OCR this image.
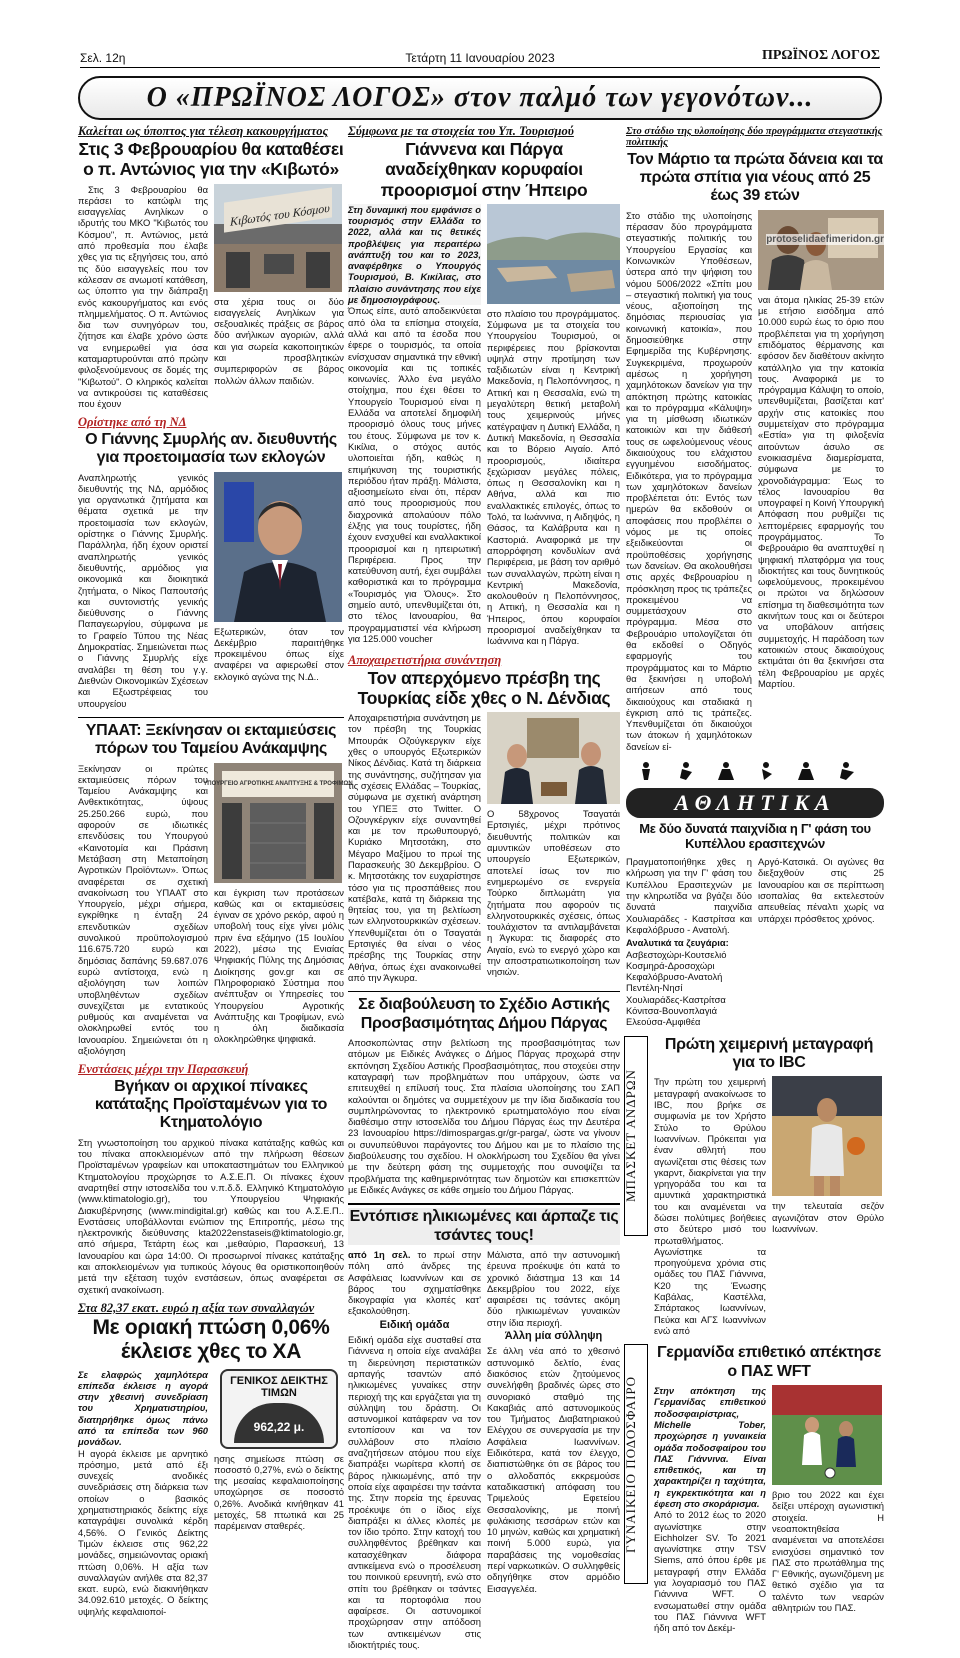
Σελ. 12η	Τετάρτη 11 Ιανουαρίου 2023	ΠΡΩΪΝΟΣ ΛΟΓΟΣ
Ο «ΠΡΩΪΝΟΣ ΛΟΓΟΣ» στον παλμό των γεγονότων...
Καλείται ως ύποπτος για τέλεση κακουργήματος
Στις 3 Φεβρουαρίου θα καταθέσει ο π. Αντώνιος για την «Κιβωτό»
Στις 3 Φεβρουαρίου θα περάσει το κατώφλι της εισαγγελίας Ανηλίκων ο ιδρυτής του ΜΚΟ "Κιβωτός του Κόσμου", π. Αντώνιος, μετά από προθεσμία που έλαβε χθες για τις εξηγήσεις του, από τις δύο εισαγγελείς που τον κάλεσαν σε ανωμοτί κατάθεση, ως ύποπτο για την διάπραξη ενός κακουργήματος και ενός πλημμελήματος. Ο π. Αντώνιος δια των συνηγόρων του, ζήτησε και έλαβε χρόνο ώστε να ενημερωθεί για όσα καταμαρτυρούνται από πρώην φιλοξενούμενους σε δομές της "Κιβωτού". Ο κληρικός καλείται να αντικρούσει τις καταθέσεις που έχουν
Κιβωτός του Κόσμου
στα χέρια τους οι δύο εισαγγελείς Ανηλίκων για σεξουαλικές πράξεις σε βάρος δύο ανήλικων αγοριών, αλλά και για σωρεία κακοποιητικών και προσβλητικών συμπεριφορών σε βάρος πολλών άλλων παιδιών.
Ορίστηκε από τη ΝΔ
Ο Γιάννης Σμυρλής αν. διευθυντής για προετοιμασία των εκλογών
Αναπληρωτής γενικός διευθυντής της ΝΔ, αρμόδιος για οργανωτικά ζητήματα και θέματα σχετικά με την προετοιμασία των εκλογών, ορίστηκε ο Γιάννης Σμυρλής. Παράλληλα, ήδη έχουν οριστεί αναπληρωτής γενικός διευθυντής, αρμόδιος για οικονομικά και διοικητικά ζητήματα, ο Νίκος Παπουτσής και συντονιστής γενικής διεύθυνσης ο Γιάννης Παπαγεωργίου, σύμφωνα με το Γραφείο Τύπου της Νέας Δημοκρατίας. Σημειώνεται πως ο Γιάννης Σμυρλής είχε αναλάβει τη θέση του γ.γ. Διεθνών Οικονομικών Σχέσεων και Εξωστρέφειας του υπουργείου
Εξωτερικών, όταν τον Δεκέμβριο παραιτήθηκε προκειμένου όπως είχε αναφέρει να αφιερωθεί στον εκλογικό αγώνα της Ν.Δ..
ΥΠΑΑΤ: Ξεκίνησαν οι εκταμιεύσεις πόρων του Ταμείου Ανάκαμψης
Ξεκίνησαν οι πρώτες εκταμιεύσεις πόρων του Ταμείου Ανάκαμψης και Ανθεκτικότητας, ύψους 25.250.266 ευρώ, που αφορούν σε ιδιωτικές επενδύσεις του Υπουργού «Καινοτομία και Πράσινη Μετάβαση στη Μεταποίηση Αγροτικών Προϊόντων». Όπως αναφέρεται σε σχετική ανακοίνωση του ΥΠΑΑΤ στο Υπουργείο, μέχρι σήμερα, εγκρίθηκε η ένταξη 24 επενδυτικών σχεδίων συνολικού προϋπολογισμού 116.675.720 ευρώ και δημόσιας δαπάνης 59.687.076 ευρώ αντίστοιχα, ενώ η αξιολόγηση των λοιπών υποβληθέντων σχεδίων συνεχίζεται με εντατικούς ρυθμούς και αναμένεται να ολοκληρωθεί εντός του Ιανουαρίου. Σημειώνεται ότι η αξιολόγηση
ΥΠΟΥΡΓΕΙΟ ΑΓΡΟΤΙΚΗΣ ΑΝΑΠΤΥΞΗΣ & ΤΡΟΦΙΜΩΝ
και έγκριση των προτάσεων καθώς και οι εκταμιεύσεις έγιναν σε χρόνο ρεκόρ, αφού η υποβολή τους είχε γίνει μόλις πριν ένα εξάμηνο (15 Ιουλίου 2022), μέσω της Ενιαίας Ψηφιακής Πύλης της Δημόσιας Διοίκησης gov.gr και σε Πληροφοριακό Σύστημα που ανέπτυξαν οι Υπηρεσίες του Υπουργείου Αγροτικής Ανάπτυξης και Τροφίμων, ενώ η όλη διαδικασία ολοκληρώθηκε ψηφιακά.
Ενστάσεις μέχρι την Παρασκευή
Βγήκαν οι αρχικοί πίνακες κατάταξης Προϊσταμένων για το Κτηματολόγιο
Στη γνωστοποίηση του αρχικού πίνακα κατάταξης καθώς και του πίνακα αποκλειομένων από την πλήρωση θέσεων Προϊσταμένων γραφείων και υποκαταστημάτων του Ελληνικού Κτηματολογίου προχώρησε το Α.Σ.Ε.Π. Οι πίνακες έχουν αναρτηθεί στην ιστοσελίδα του ν.π.δ.δ. Ελληνικό Κτηματολόγιο (www.ktimatologio.gr), του Υπουργείου Ψηφιακής Διακυβέρνησης (www.mindigital.gr) καθώς και του Α.Σ.Ε.Π.. Ενστάσεις υποβάλλονται ενώπιον της Επιτροπής, μέσω της ηλεκτρονικής διεύθυνσης kta2022enstaseis@ktimatologio.gr, από σήμερα, Τετάρτη έως και ,μεθαύριο, Παρασκευή, 13 Ιανουαρίου και ώρα 14:00. Οι προσωρινοί πίνακες κατάταξης και αποκλειομένων για τυπικούς λόγους θα οριστικοποιηθούν μετά την εξέταση τυχόν ενστάσεων, όπως αναφέρεται σε σχετική ανακοίνωση.
Στα 82,37 εκατ. ευρώ η αξία των συναλλαγών
Με οριακή πτώση 0,06% έκλεισε χθες το ΧΑ
Σε ελαφρώς χαμηλότερα επίπεδα έκλεισε η αγορά στην χθεσινή συνεδρίαση του Χρηματιστηρίου, διατηρήθηκε όμως πάνω από τα επίπεδα των 960 μονάδων.
Η αγορά έκλεισε με αρνητικό πρόσημο, μετά από έξι συνεχείς ανοδικές συνεδριάσεις στη διάρκεια των οποίων ο βασικός χρηματιστηριακός δείκτης είχε καταγράψει συνολικά κέρδη 4,56%. Ο Γενικός Δείκτης Τιμών έκλεισε στις 962,22 μονάδες, σημειώνοντας οριακή πτώση 0,06%. Η αξία των συναλλαγών ανήλθε στα 82,37 εκατ. ευρώ, ενώ διακινήθηκαν 34.092.610 μετοχές. Ο δείκτης υψηλής κεφαλαιοποί-
ΓΕΝΙΚΟΣ ΔΕΙΚΤΗΣ ΤΙΜΩΝ
962,22 μ.
ησης σημείωσε πτώση σε ποσοστό 0,27%, ενώ ο δείκτης της μεσαίας κεφαλαιοποίησης υποχώρησε σε ποσοστό 0,26%. Ανοδικά κινήθηκαν 41 μετοχές, 58 πτωτικά και 25 παρέμειναν σταθερές.
Σύμφωνα με τα στοιχεία του Υπ. Τουρισμού
Γιάννενα και Πάργα αναδείχθηκαν κορυφαίοι προορισμοί στην Ήπειρο
Στη δυναμική που εμφάνισε ο τουρισμός στην Ελλάδα το 2022, αλλά και τις θετικές προβλέψεις για περαιτέρω ανάπτυξή του και το 2023, αναφέρθηκε ο Υπουργός Τουρισμού, Β. Κικίλιας, στο πλαίσιο συνάντησης που είχε με δημοσιογράφους.
Όπως είπε, αυτό αποδεικνύεται από όλα τα επίσημα στοιχεία, αλλά και από τα έσοδα που έφερε ο τουρισμός, τα οποία ενίσχυσαν σημαντικά την εθνική οικονομία και τις τοπικές κοινωνίες. Άλλο ένα μεγάλο στοίχημα, που έχει θέσει το Υπουργείο Τουρισμού είναι η Ελλάδα να αποτελεί δημοφιλή προορισμό όλους τους μήνες του έτους. Σύμφωνα με τον κ. Κικίλια, ο στόχος αυτός υλοποιείται ήδη, καθώς η επιμήκυνση της τουριστικής περιόδου ήταν πράξη. Μάλιστα, αξιοσημείωτο είναι ότι, πέραν από τους προορισμούς που διαχρονικά απολαύουν πόλο έλξης για τους τουρίστες, ήδη έχουν ενσχυθεί και εναλλακτικοί προορισμοί και η ηπειρωτική Περιφέρεια. Προς την κατεύθυνση αυτή, έχει συμβάλει καθοριστικά και το πρόγραμμα «Τουρισμός για Όλους». Στο σημείο αυτό, υπενθυμίζεται ότι, στο τέλος Ιανουαρίου, θα προγραμματιστεί νέα κλήρωση για 125.000 voucher
στο πλαίσιο του προγράμματος. Σύμφωνα με τα στοιχεία του Υπουργείου Τουρισμού, οι περιφέρειες που βρίσκονται υψηλά στην προτίμηση των ταξιδιωτών είναι η Κεντρική Μακεδονία, η Πελοπόννησος, η Αττική και η Θεσσαλία, ενώ τη μεγαλύτερη θετική μεταβολή τους χειμερινούς μήνες κατέγραψαν η Δυτική Ελλάδα, η Δυτική Μακεδονία, η Θεσσαλία και το Βόρειο Αιγαίο. Από προορισμούς, ιδιαίτερα ξεχώρισαν μεγάλες πόλεις, όπως η Θεσσαλονίκη και η Αθήνα, αλλά και πιο εναλλακτικές επιλογές, όπως το Τολό, τα Ιωάννινα, η Αιδηψός, η Θάσος, τα Καλάβρυτα και η Καστοριά. Αναφορικά με την απορρόφηση κονδυλίων ανά Περιφέρεια, με βάση τον αριθμό των συναλλαγών, πρώτη είναι η Κεντρική Μακεδονία, ακολουθούν η Πελοπόννησος, η Αττική, η Θεσσαλία και η Ήπειρος, όπου κορυφαίοι προορισμοί αναδείχθηκαν τα Ιωάννινα και η Πάργα.
Αποχαιρετιστήρια συνάντηση
Τον απερχόμενο πρέσβη της Τουρκίας είδε χθες ο Ν. Δένδιας
Αποχαιρετιστήρια συνάντηση με τον πρέσβη της Τουρκίας Μπουράκ Οζούγκεργκιν είχε χθες ο υπουργός Εξωτερικών Νίκος Δένδιας. Κατά τη διάρκεια της συνάντησης, συζήτησαν για τις σχέσεις Ελλάδας – Τουρκίας, σύμφωνα με σχετική ανάρτηση του ΥΠΕΞ στο Twitter. Ο Οζουγκέργκιν είχε συναντηθεί και με τον πρωθυπουργό, Κυριάκο Μητσοτάκη, στο Μέγαρο Μαξίμου το πρωί της Παρασκευής 30 Δεκεμβρίου. Ο κ. Μητσοτάκης τον ευχαρίστησε τόσο για τις προσπάθειες που κατέβαλε, κατά τη διάρκεια της θητείας του, για τη βελτίωση των ελληνοτουρκικών σχέσεων. Υπενθυμίζεται ότι ο Τσαγατάι Ερτσιγιές θα είναι ο νέος πρέσβης της Τουρκίας στην Αθήνα, όπως έχει ανακοινωθεί από την Άγκυρα.
Ο 58χρονος Τσαγατάι Ερτσιγιές, μέχρι πρότινος διευθυντής πολιτικών και αμυντικών υποθέσεων στο υπουργείο Εξωτερικών, αποτελεί ίσως τον πιο ενημερωμένο σε ενεργεία Τούρκο διπλωμάτη για ζητήματα που αφορούν τις ελληνοτουρκικές σχέσεις, όπως τουλάχιστον τα αντιλαμβάνεται η Άγκυρα: τις διαφορές στο Αιγαίο, ενώ το ενεργό χώρο και την αποστρατιωτικοποίηση των νησιών.
Σε διαβούλευση το Σχέδιο Αστικής Προσβασιμότητας Δήμου Πάργας
Αποσκοπώντας στην βελτίωση της προσβασιμότητας των ατόμων με Ειδικές Ανάγκες ο Δήμος Πάργας προχωρά στην εκπόνηση Σχεδίου Αστικής Προσβασιμότητας, που στοχεύει στην καταγραφή των προβλημάτων που υπάρχουν, ώστε να επιτευχθεί η επίλυσή τους. Στα πλαίσια υλοποίησης του ΣΑΠ καλούνται οι δημότες να συμμετέχουν με την ίδια διαδικασία του συμπληρώνοντας το ηλεκτρονικό ερωτηματολόγιο που είναι διαθέσιμο στην ιστοσελίδα του Δήμου Πάργας έως την Δευτέρα 23 Ιανουαρίου https://dimospargas.gr/gr-parga/, ώστε να γίνουν οι συνυπεύθυνοι παράγοντες του Δήμου και με το πλαίσιο της διαβούλευσης του σχεδίου. Η ολοκλήρωση του Σχεδίου θα γίνει με την δεύτερη φάση της συμμετοχής που συνοψίζει τα προβλήματα της καθημερινότητας των δημοτών και επισκεπτών με Ειδικές Ανάγκες σε κάθε σημείο του Δήμου Πάργας.
Εντόπισε ηλικιωμένες και άρπαζε τις τσάντες τους!
από 1η σελ. το πρωί στην πόλη από άνδρες της Ασφάλειας Ιωαννίνων και σε βάρος του σχηματίσθηκε δικογραφία για κλοπές κατ' εξακολούθηση.
Ειδική ομάδα
Ειδική ομάδα είχε συσταθεί στα Γιάννενα η οποία είχε αναλάβει τη διερεύνηση περιστατικών αρπαγής τσαντών από ηλικιωμένες γυναίκες στην περιοχή της και εργάζεται για τη σύλληψη του δράστη. Οι αστυνομικοί κατάφεραν να τον εντοπίσουν και να τον συλλάβουν στο πλαίσιο αναζητήσεων ατόμου που είχε διαπράξει νωρίτερα κλοπή σε βάρος ηλικιωμένης, από την οποία είχε αφαιρέσει την τσάντα της. Στην πορεία της έρευνας προέκυψε ότι ο ίδιος είχε διαπράξει κι άλλες κλοπές με τον ίδιο τρόπο. Στην κατοχή του συλληφθέντος βρέθηκαν και κατασχέθηκαν διάφορα αντικείμενα ενώ ο προσέλευση του ποινικού ερευνητή, ενώ στο σπίτι του βρέθηκαν οι τσάντες και τα πορτοφόλια που αφαίρεσε. Οι αστυνομικοί προχώρησαν στην απόδοση των αντικειμένων στις ιδιοκτήτριές τους.
Μάλιστα, από την αστυνομική έρευνα προέκυψε ότι κατά το χρονικό διάστημα 13 και 14 Δεκεμβρίου του 2022, είχε αφαιρέσει τις τσάντες ακόμη δύο ηλικιωμένων γυναικών στην ίδια περιοχή.
Άλλη μία σύλληψη
Σε άλλη νέα από το χθεσινό αστυνομικό δελτίο, ένας διακόσιος ετών ζητούμενος συνελήφθη βραδινές ώρες στο συνοριακό σταθμό της Κακαβιάς από αστυνομικούς του Τμήματος Διαβατηριακού Ελέγχου σε συνεργασία με την Ασφάλεια Ιωαννίνων. Ειδικότερα, κατά τον έλεγχο, διαπιστώθηκε ότι σε βάρος του ο αλλοδαπός εκκρεμούσε καταδικαστική απόφαση του Τριμελούς Εφετείου Θεσσαλονίκης, με ποινή φυλάκισης τεσσάρων ετών και 10 μηνών, καθώς και χρηματική ποινή 5.000 ευρώ, για παραβάσεις της νομοθεσίας περί ναρκωτικών. Ο συλληφθείς οδηγήθηκε στον αρμόδιο Εισαγγελέα.
Στο στάδιο της υλοποίησης δύο προγράμματα στεγαστικής πολιτικής
Τον Μάρτιο τα πρώτα δάνεια και τα πρώτα σπίτια για νέους από 25 έως 39 ετών
Στο στάδιο της υλοποίησης πέρασαν δύο προγράμματα στεγαστικής πολιτικής του Υπουργείου Εργασίας και Κοινωνικών Υποθέσεων, ύστερα από την ψήφιση του νόμου 5006/2022 «Σπίτι μου – στεγαστική πολιτική για τους νέους, αξιοποίηση της δημόσιας περιουσίας για κοινωνική κατοικία», που δημοσιεύθηκε στην Εφημερίδα της Κυβέρνησης. Συγκεκριμένα, προχωρούν αμέσως η χορήγηση χαμηλότοκων δανείων για την απόκτηση πρώτης κατοικίας και το πρόγραμμα «Κάλυψη» για τη μίσθωση ιδιωτικών κατοικιών και την διάθεσή τους σε ωφελούμενους νέους δικαιούχους του ελάχιστου εγγυημένου εισοδήματος. Ειδικότερα, για το πρόγραμμα των χαμηλότοκων δανείων προβλέπεται ότι: Εντός των ημερών θα εκδοθούν οι αποφάσεις που προβλέπει ο νόμος με τις οποίες εξειδικεύονται οι προϋποθέσεις χορήγησης των δανείων. Θα ακολουθήσει στις αρχές Φεβρουαρίου η πρόσκληση προς τις τράπεζες προκειμένου να συμμετάσχουν στο πρόγραμμα. Μέσα στο Φεβρουάριο υπολογίζεται ότι θα εκδοθεί ο Οδηγός εφαρμογής του προγράμματος και το Μάρτιο θα ξεκινήσει η υποβολή αιτήσεων από τους δικαιούχους και σταδιακά η έγκριση από τις τράπεζες. Υπενθυμίζεται ότι δικαιούχοι των άτοκων ή χαμηλότοκων δανείων εί-
protoselidaefimeridon.gr
ναι άτομα ηλικίας 25-39 ετών με ετήσιο εισόδημα από 10.000 ευρώ έως το όριο που προβλέπεται για τη χορήγηση επιδόματος θέρμανσης και εφόσον δεν διαθέτουν ακίνητο κατάλληλο για την κατοικία τους. Αναφορικά με το πρόγραμμα Κάλυψη το οποίο, υπενθυμίζεται, βασίζεται κατ' αρχήν στις κατοικίες που συμμετείχαν στο πρόγραμμα «Εστία» για τη φιλοξενία αιτούντων άσυλο σε ενοικιασμένα διαμερίσματα, σύμφωνα με το χρονοδιάγραμμα: Έως το τέλος Ιανουαρίου θα υπογραφεί η Κοινή Υπουργική Απόφαση που ρυθμίζει τις λεπτομέρειες εφαρμογής του προγράμματος. Το Φεβρουάριο θα αναπτυχθεί η ψηφιακή πλατφόρμα για τους ιδιοκτήτες και τους δυνητικούς ωφελούμενους, προκειμένου οι πρώτοι να δηλώσουν επίσημα τη διαθεσιμότητα των ακινήτων τους και οι δεύτεροι να υποβάλουν αιτήσεις συμμετοχής. Η παράδοση των κατοικιών στους δικαιούχους εκτιμάται ότι θα ξεκινήσει στα τέλη Φεβρουαρίου με αρχές Μαρτίου.
ΑΘΛΗΤΙΚΑ
Με δύο δυνατά παιχνίδια η Γ' φάση του Κυπέλλου ερασιτεχνών
Πραγματοποιήθηκε χθες η κλήρωση για την Γ' φάση του Κυπέλλου Ερασιτεχνών με την κληρωτίδα να βγάζει δύο δυνατά παιχνίδια Χουλιαράδες - Καστρίτσα και Κεφαλόβρυσο - Ανατολή.
Αναλυτικά τα ζευγάρια:
Ασβεστοχώρι-Κουτσελιό
Κοσμηρά-Δροσοχώρι
Κεφαλόβρυσο-Ανατολή
Πεντέλη-Νησί
Χουλιαράδες-Καστρίτσα
Κόνιτσα-Βουνοπλαγιά
Ελεούσα-Αμφιθέα
Αργό-Κατσικά. Οι αγώνες θα διεξαχθούν στις 25 Ιανουαρίου και σε περίπτωση ισοπαλίας θα εκτελεστούν απευθείας πέναλτι χωρίς να υπάρχει πρόσθετος χρόνος.
ΜΠΑΣΚΕΤ ΑΝΔΡΩΝ
Πρώτη χειμερινή μεταγραφή για το IBC
Την πρώτη του χειμερινή μεταγραφή ανακοίνωσε το IBC, που βρήκε σε συμφωνία με τον Χρήστο Στύλο το Θρύλου Ιωαννίνων. Πρόκειται για έναν αθλητή που αγωνίζεται στις θέσεις των γκαρντ, διακρίνεται για την γρηγοράδα του και τα αμυντικά χαρακτηριστικά του και αναμένεται να δώσει πολύτιμες βοήθειες στο δεύτερο μισό του πρωταθλήματος. Αγωνίστηκε τα προηγούμενα χρόνια στις ομάδες του ΠΑΣ Γιάννινα, Κ20 της Ένωσης Καβάλας, Καστέλλα, Σπάρτακος Ιωαννίνων, Πεύκα και ΑΓΣ Ιωαννίνων ενώ από
την τελευταία σεζόν αγωνιζόταν στον Θρύλο Ιωαννίνων.
ΓΥΝΑΙΚΕΙΟ ΠΟΔΟΣΦΑΙΡΟ
Γερμανίδα επιθετικό απέκτησε ο ΠΑΣ WFT
Στην απόκτηση της Γερμανίδας επιθετικού ποδοσφαιρίστριας, Michelle Tober, προχώρησε η γυναικεία ομάδα ποδοσφαίρου του ΠΑΣ Γιάννινα. Είναι επιθετικός, και τη χαρακτηρίζει η ταχύτητα, η εγκρεκτικότητα και η έφεση στο σκοράρισμα.
Από το 2012 έως το 2020 αγωνίστηκε στην Eichholzer SV. To 2021 αγωνίστηκε στην TSV Siems, από όπου έρθε με μεταγραφή στην Ελλάδα για λογαριασμό του ΠΑΣ Γιάννινα WFT. Ο ενσωματωθεί στην ομάδα του ΠΑΣ Γιάννινα WFT ήδη από τον Δεκέμ-
βριο του 2022 και έχει δείξει υπέροχη αγωνιστική στοιχεία. Η νεοαποκτηθείσα αναμένεται να αποτελέσει ενισχύσει σημαντικό τον ΠΑΣ στο πρωτάθλημα της Γ' Εθνικής, αγωνιζόμενη με θετικό σχέδιο για τα ταλέντο των νεαρών αθλητριών του ΠΑΣ.
